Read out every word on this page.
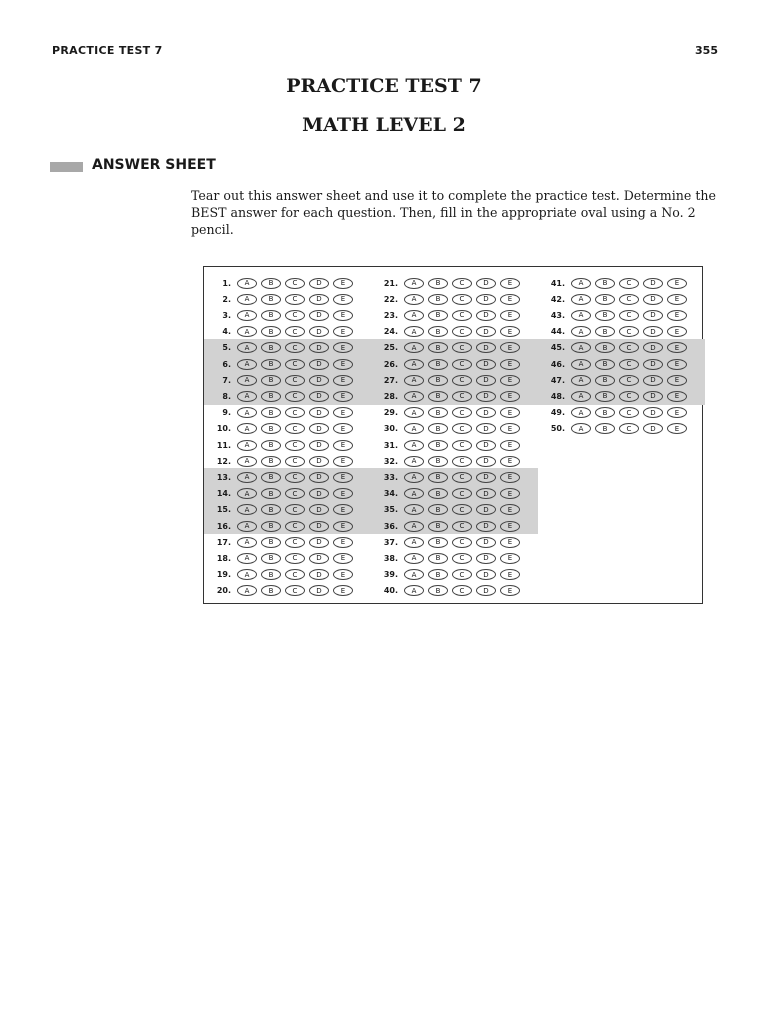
PRACTICE TEST 7	355
PRACTICE TEST 7
MATH LEVEL 2
ANSWER SHEET
Tear out this answer sheet and use it to complete the practice test. Determine the BEST answer for each question. Then, fill in the appropriate oval using a No. 2 pencil.
1.	A	B	C	D	E
2.	A	B	C	D	E
3.	A	B	C	D	E
4.	A	B	C	D	E
5.	A	B	C	D	E
6.	A	B	C	D	E
7.	A	B	C	D	E
8.	A	B	C	D	E
9.	A	B	C	D	E
10.	A	B	C	D	E
11.	A	B	C	D	E
12.	A	B	C	D	E
13.	A	B	C	D	E
14.	A	B	C	D	E
15.	A	B	C	D	E
16.	A	B	C	D	E
17.	A	B	C	D	E
18.	A	B	C	D	E
19.	A	B	C	D	E
20.	A	B	C	D	E
21.	A	B	C	D	E
22.	A	B	C	D	E
23.	A	B	C	D	E
24.	A	B	C	D	E
25.	A	B	C	D	E
26.	A	B	C	D	E
27.	A	B	C	D	E
28.	A	B	C	D	E
29.	A	B	C	D	E
30.	A	B	C	D	E
31.	A	B	C	D	E
32.	A	B	C	D	E
33.	A	B	C	D	E
34.	A	B	C	D	E
35.	A	B	C	D	E
36.	A	B	C	D	E
37.	A	B	C	D	E
38.	A	B	C	D	E
39.	A	B	C	D	E
40.	A	B	C	D	E
41.	A	B	C	D	E
42.	A	B	C	D	E
43.	A	B	C	D	E
44.	A	B	C	D	E
45.	A	B	C	D	E
46.	A	B	C	D	E
47.	A	B	C	D	E
48.	A	B	C	D	E
49.	A	B	C	D	E
50.	A	B	C	D	E
